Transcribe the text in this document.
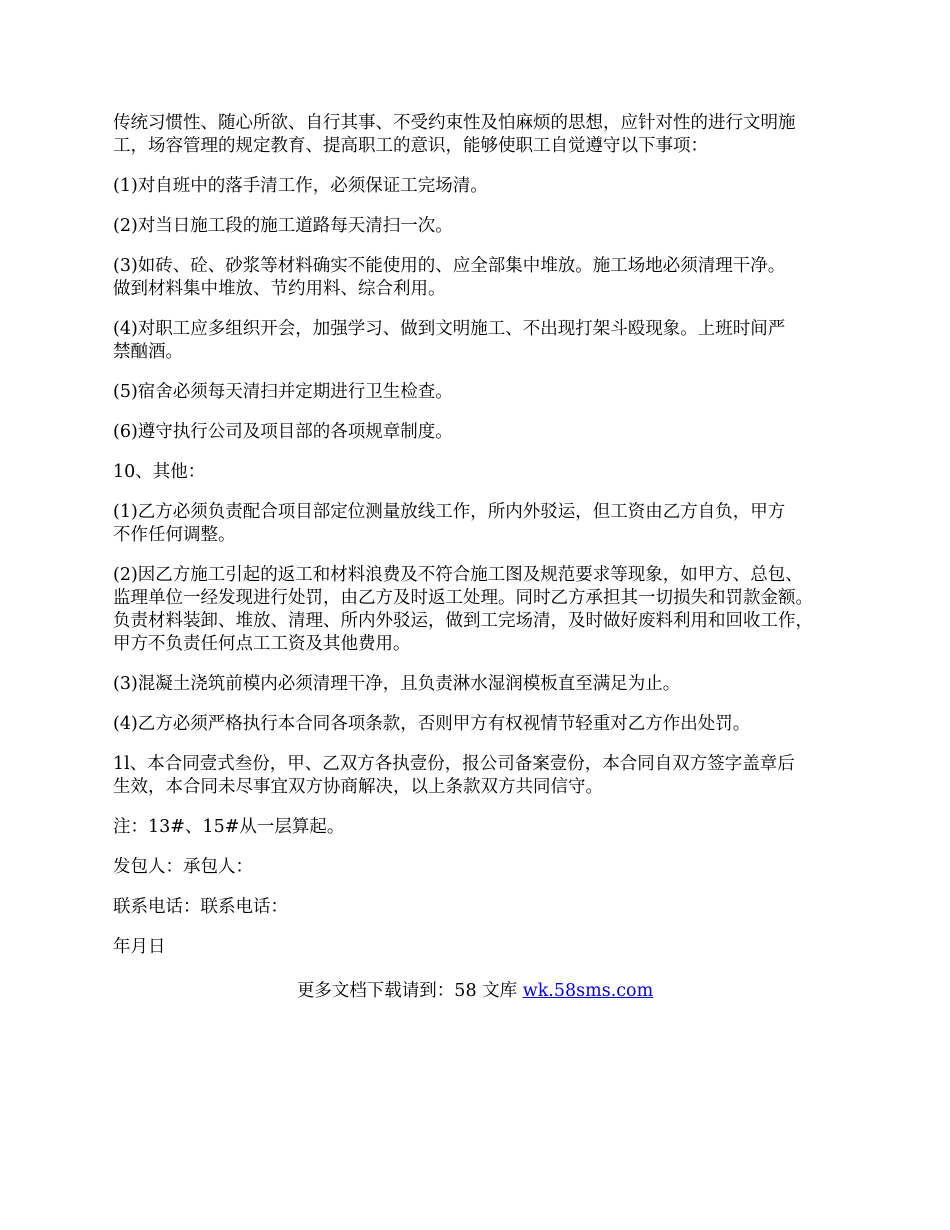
传统习惯性、随心所欲、自行其事、不受约束性及怕麻烦的思想，应针对性的进行文明施
工，场容管理的规定教育、提高职工的意识，能够使职工自觉遵守以下事项：

(1)对自班中的落手清工作，必须保证工完场清。

(2)对当日施工段的施工道路每天清扫一次。

(3)如砖、砼、砂浆等材料确实不能使用的、应全部集中堆放。施工场地必须清理干净。
做到材料集中堆放、节约用料、综合利用。

(4)对职工应多组织开会，加强学习、做到文明施工、不出现打架斗殴现象。上班时间严
禁酗酒。

(5)宿舍必须每天清扫并定期进行卫生检查。

(6)遵守执行公司及项目部的各项规章制度。

10、其他：

(1)乙方必须负责配合项目部定位测量放线工作，所内外驳运，但工资由乙方自负，甲方
不作任何调整。

(2)因乙方施工引起的返工和材料浪费及不符合施工图及规范要求等现象，如甲方、总包、
监理单位一经发现进行处罚，由乙方及时返工处理。同时乙方承担其一切损失和罚款金额。
负责材料装卸、堆放、清理、所内外驳运，做到工完场清，及时做好废料利用和回收工作，
甲方不负责任何点工工资及其他费用。

(3)混凝土浇筑前模内必须清理干净，且负责淋水湿润模板直至满足为止。

(4)乙方必须严格执行本合同各项条款，否则甲方有权视情节轻重对乙方作出处罚。

1l、本合同壹式叁份，甲、乙双方各执壹份，报公司备案壹份，本合同自双方签字盖章后
生效，本合同未尽事宜双方协商解决，以上条款双方共同信守。

注：13#、15#从一层算起。

发包人：承包人：

联系电话：联系电话：

年月日

更多文档下载请到：58 文库 wk.58sms.com
